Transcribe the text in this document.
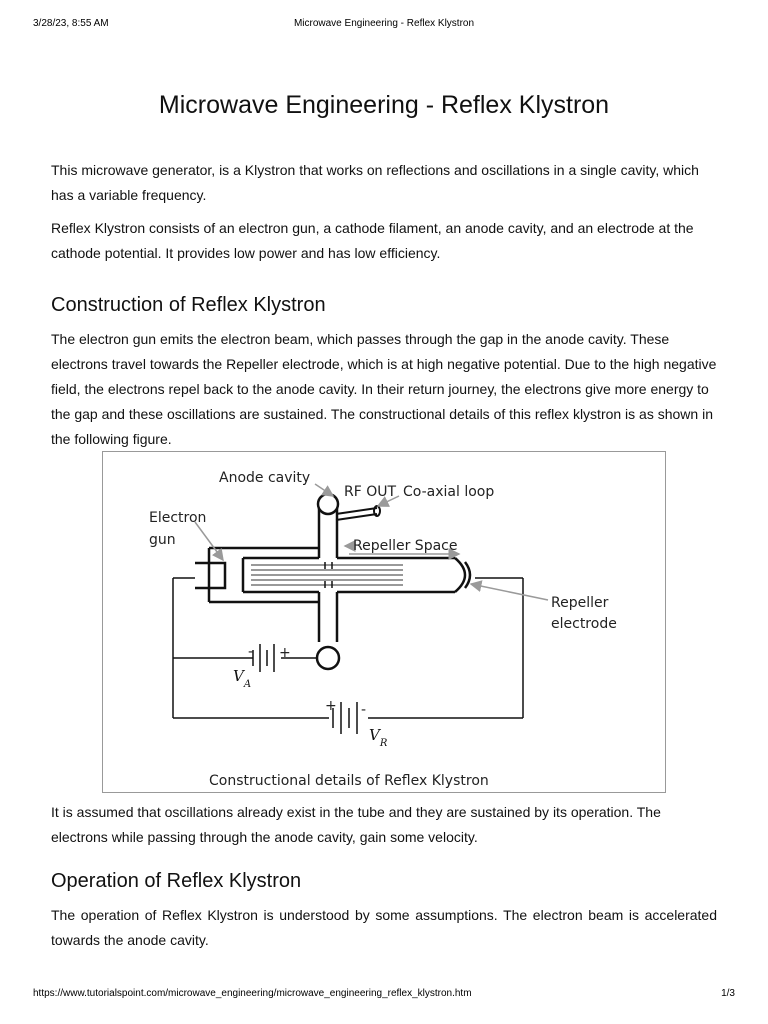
3/28/23, 8:55 AM	Microwave Engineering - Reflex Klystron
Microwave Engineering - Reflex Klystron

This microwave generator, is a Klystron that works on reflections and oscillations in a single cavity, which has a variable frequency.

Reflex Klystron consists of an electron gun, a cathode filament, an anode cavity, and an electrode at the cathode potential. It provides low power and has low efficiency.

Construction of Reflex Klystron

The electron gun emits the electron beam, which passes through the gap in the anode cavity. These electrons travel towards the Repeller electrode, which is at high negative potential. Due to the high negative field, the electrons repel back to the anode cavity. In their return journey, the electrons give more energy to the gap and these oscillations are sustained. The constructional details of this reflex klystron is as shown in the following figure.

Anode cavity
RF OUT Co-axial loop
Electron
gun	Repeller Space
Repeller
electrode
- +
$V_A$
+ -
$V_R$
Constructional details of Reflex Klystron

It is assumed that oscillations already exist in the tube and they are sustained by its operation. The electrons while passing through the anode cavity, gain some velocity.

Operation of Reflex Klystron

The operation of Reflex Klystron is understood by some assumptions. The electron beam is accelerated towards the anode cavity.

https://www.tutorialspoint.com/microwave_engineering/microwave_engineering_reflex_klystron.htm	1/3
